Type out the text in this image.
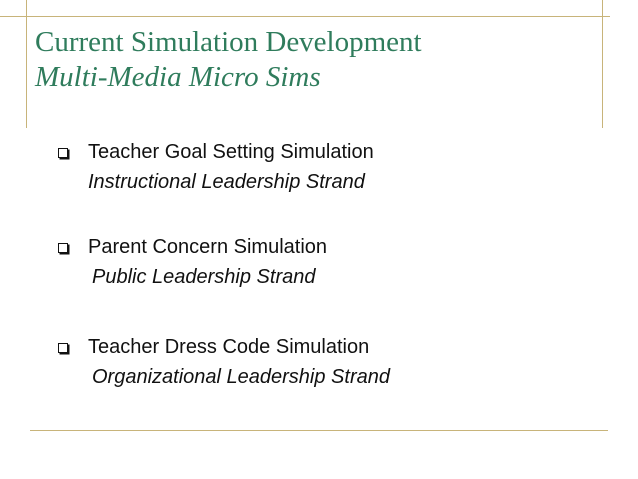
Current Simulation Development
Multi-Media Micro Sims
Teacher Goal Setting Simulation
Instructional Leadership Strand
Parent Concern Simulation
Public Leadership Strand
Teacher Dress Code Simulation
Organizational Leadership Strand
